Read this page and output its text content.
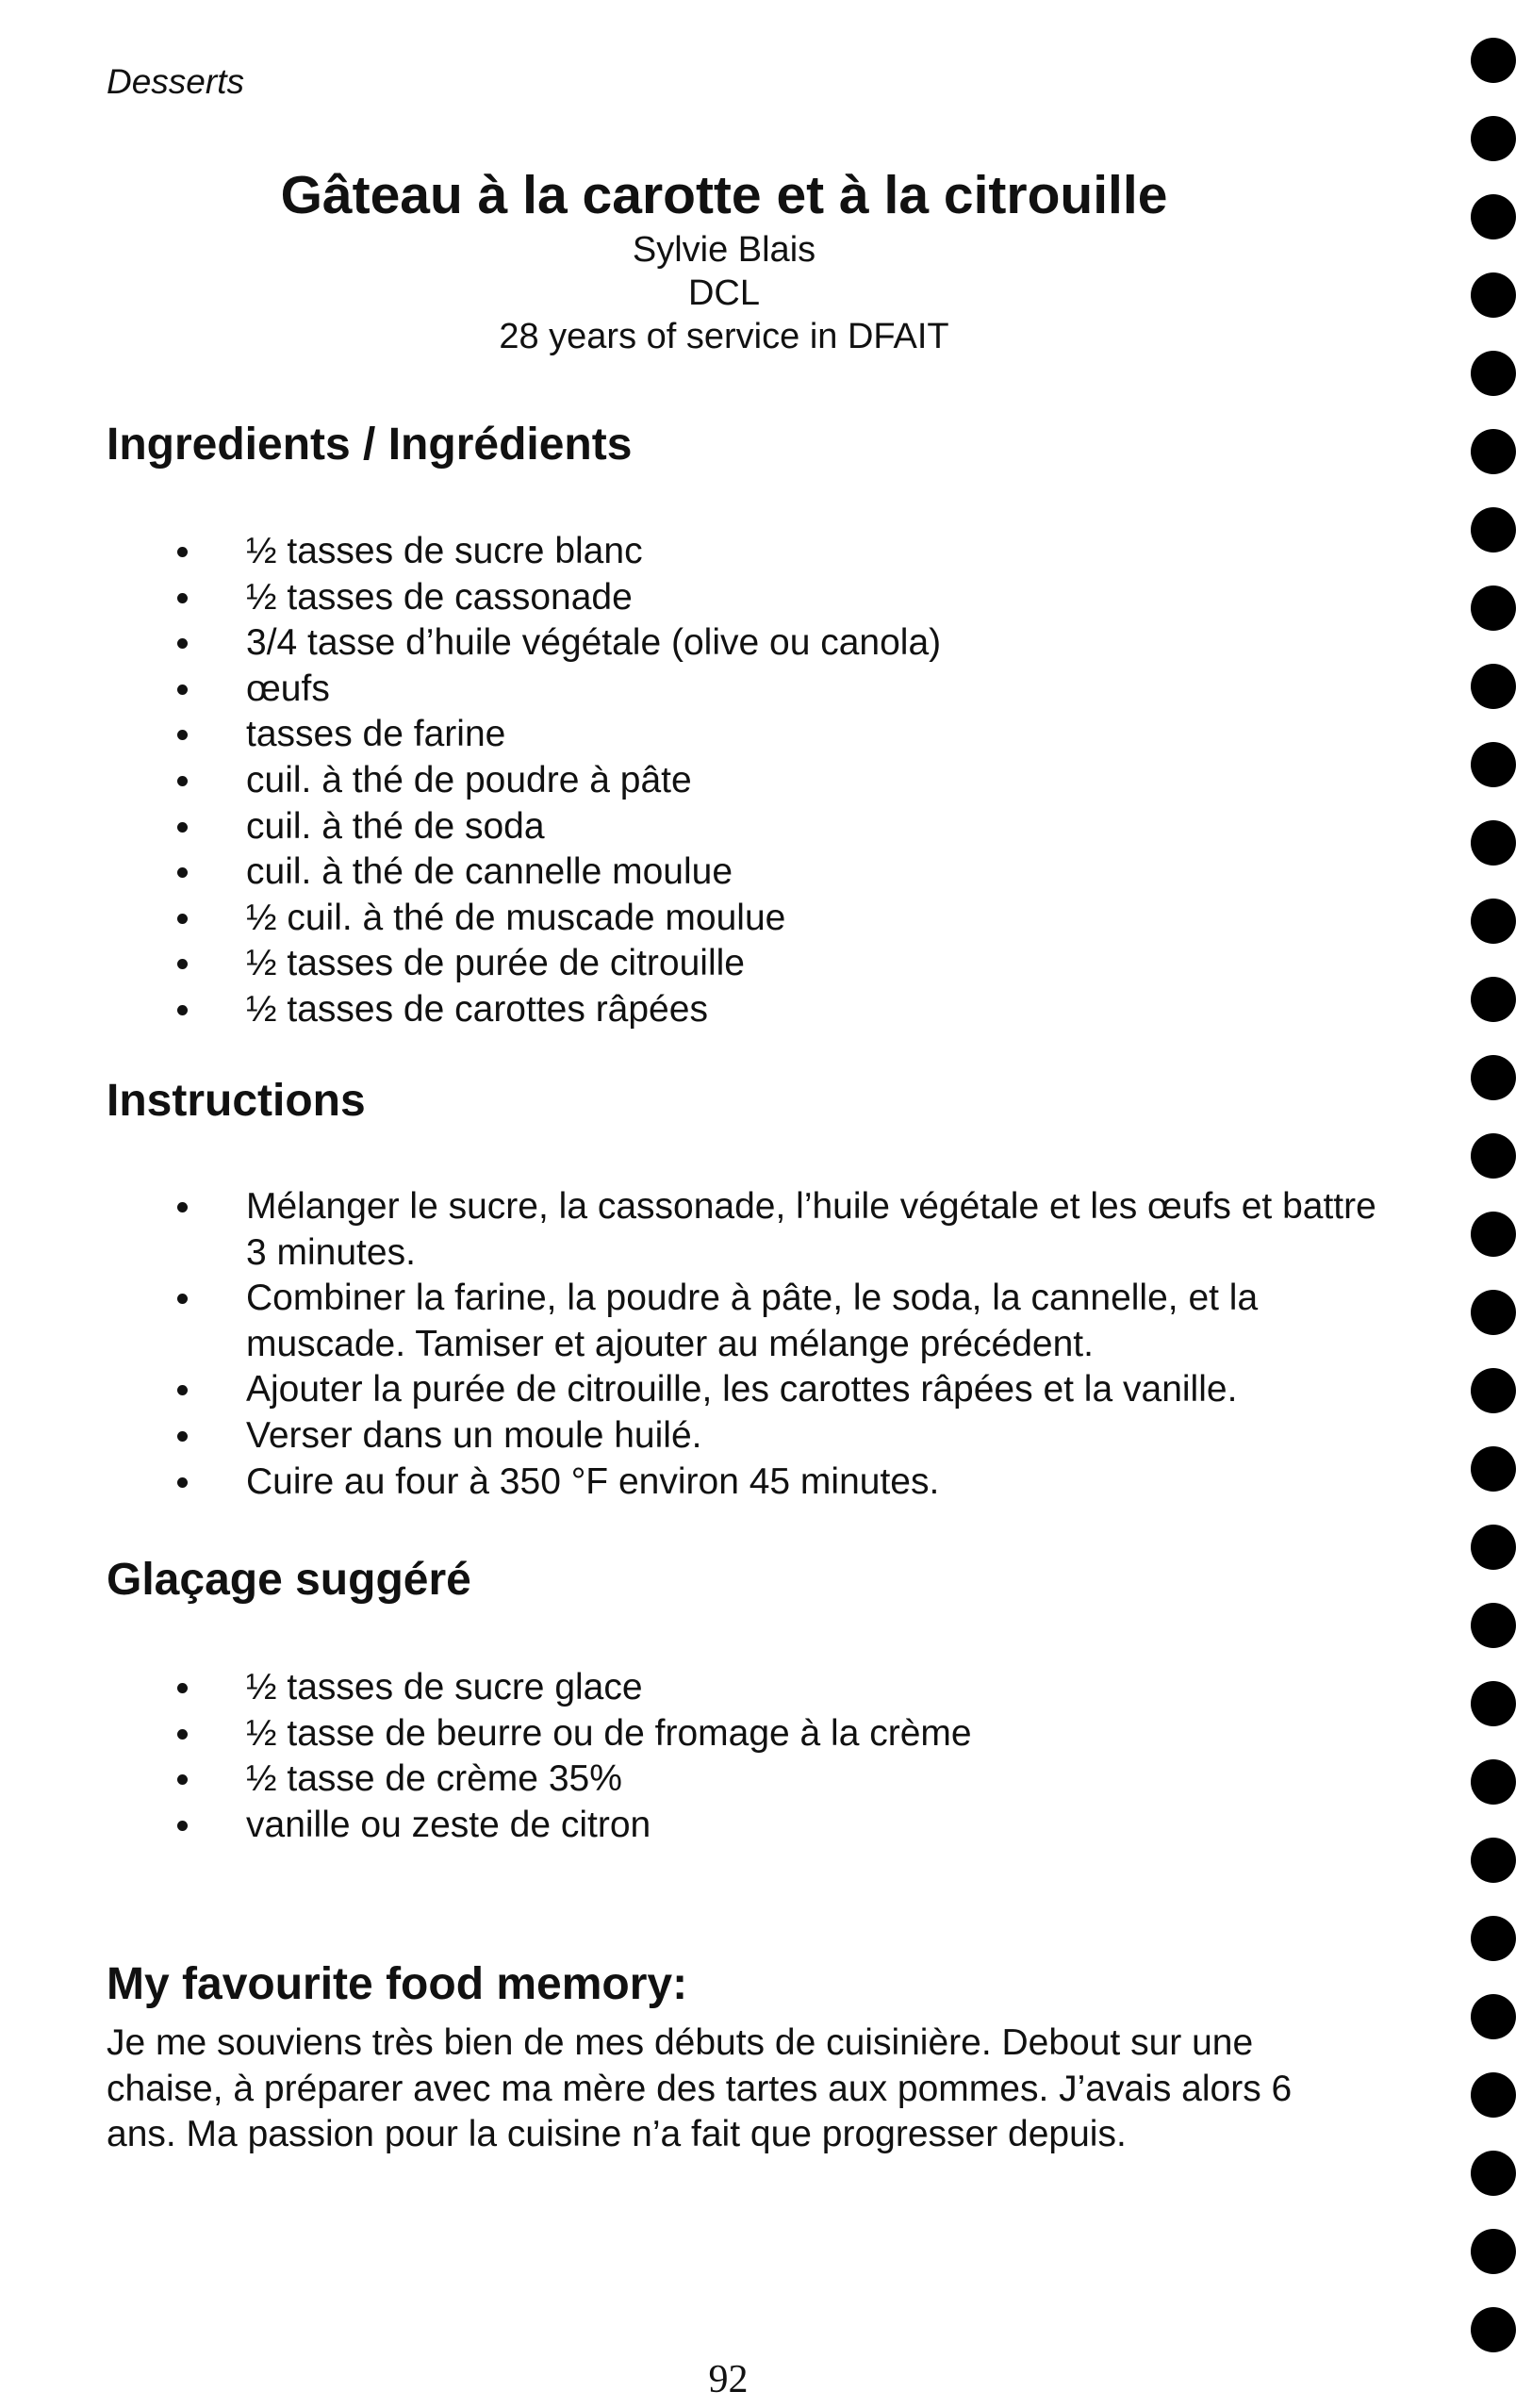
Desserts
Gâteau à la carotte et à la citrouille
Sylvie Blais
DCL
28 years of service in DFAIT
Ingredients / Ingrédients
½ tasses de sucre blanc
½ tasses de cassonade
3/4 tasse d’huile végétale (olive ou canola)
œufs
tasses de farine
cuil. à thé de poudre à pâte
cuil. à thé de soda
cuil. à thé de cannelle moulue
½ cuil. à thé de muscade moulue
½ tasses de purée de citrouille
½ tasses de carottes râpées
Instructions
Mélanger le sucre, la cassonade, l’huile végétale et les œufs et battre 3 minutes.
Combiner la farine, la poudre à pâte, le soda, la cannelle, et la muscade. Tamiser et ajouter au mélange précédent.
Ajouter la purée de citrouille, les carottes râpées et la vanille.
Verser dans un moule huilé.
Cuire au four à 350 °F environ 45 minutes.
Glaçage suggéré
½ tasses de sucre glace
½ tasse de beurre ou de fromage à la crème
½ tasse de crème 35%
vanille ou zeste de citron
My favourite food memory:

Je me souviens très bien de mes débuts de cuisinière. Debout sur une chaise, à préparer avec ma mère des tartes aux pommes. J’avais alors 6 ans. Ma passion pour la cuisine n’a fait que progresser depuis.

92
